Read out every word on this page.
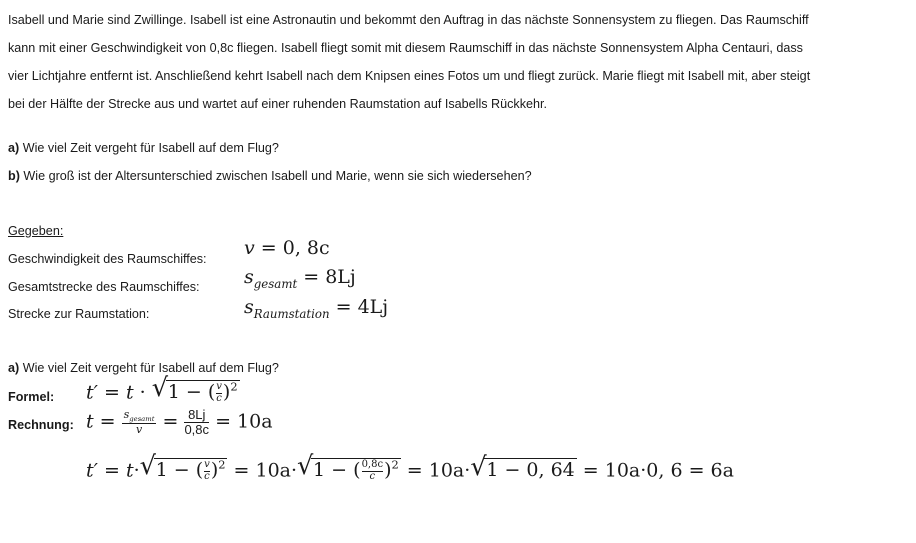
Isabell und Marie sind Zwillinge. Isabell ist eine Astronautin und bekommt den Auftrag in das nächste Sonnensystem zu fliegen. Das Raumschiff
kann mit einer Geschwindigkeit von 0,8c fliegen. Isabell fliegt somit mit diesem Raumschiff in das nächste Sonnensystem Alpha Centauri, dass
vier Lichtjahre entfernt ist. Anschließend kehrt Isabell nach dem Knipsen eines Fotos um und fliegt zurück. Marie fliegt mit Isabell mit, aber steigt
bei der Hälfte der Strecke aus und wartet auf einer ruhenden Raumstation auf Isabells Rückkehr.
a) Wie viel Zeit vergeht für Isabell auf dem Flug?
b) Wie groß ist der Altersunterschied zwischen Isabell und Marie, wenn sie sich wiedersehen?
Gegeben:
Geschwindigkeit des Raumschiffes: v = 0, 8c
Gesamtstrecke des Raumschiffes: $s_{gesamt} = 8Lj$
Strecke zur Raumstation:	$s_{Raumstation} = 4Lj$
a) Wie viel Zeit vergeht für Isabell auf dem Flug?
Formel: t′ = t · √ 1 − ( $\frac{v}{c} )^2$
Rechnung: $t = s_{gesamt}$
$v = \frac{8Lj}{0,8c} = 10a$
t′ = t· √ 1 − ( $\frac{v}{c} )^2 = 10a\cdot$ √ 1 − ( $\frac{0,8c}{c} )^2 = 10a\cdot$ √ 1 − 0, 64 = 10a·0, 6 = 6a
